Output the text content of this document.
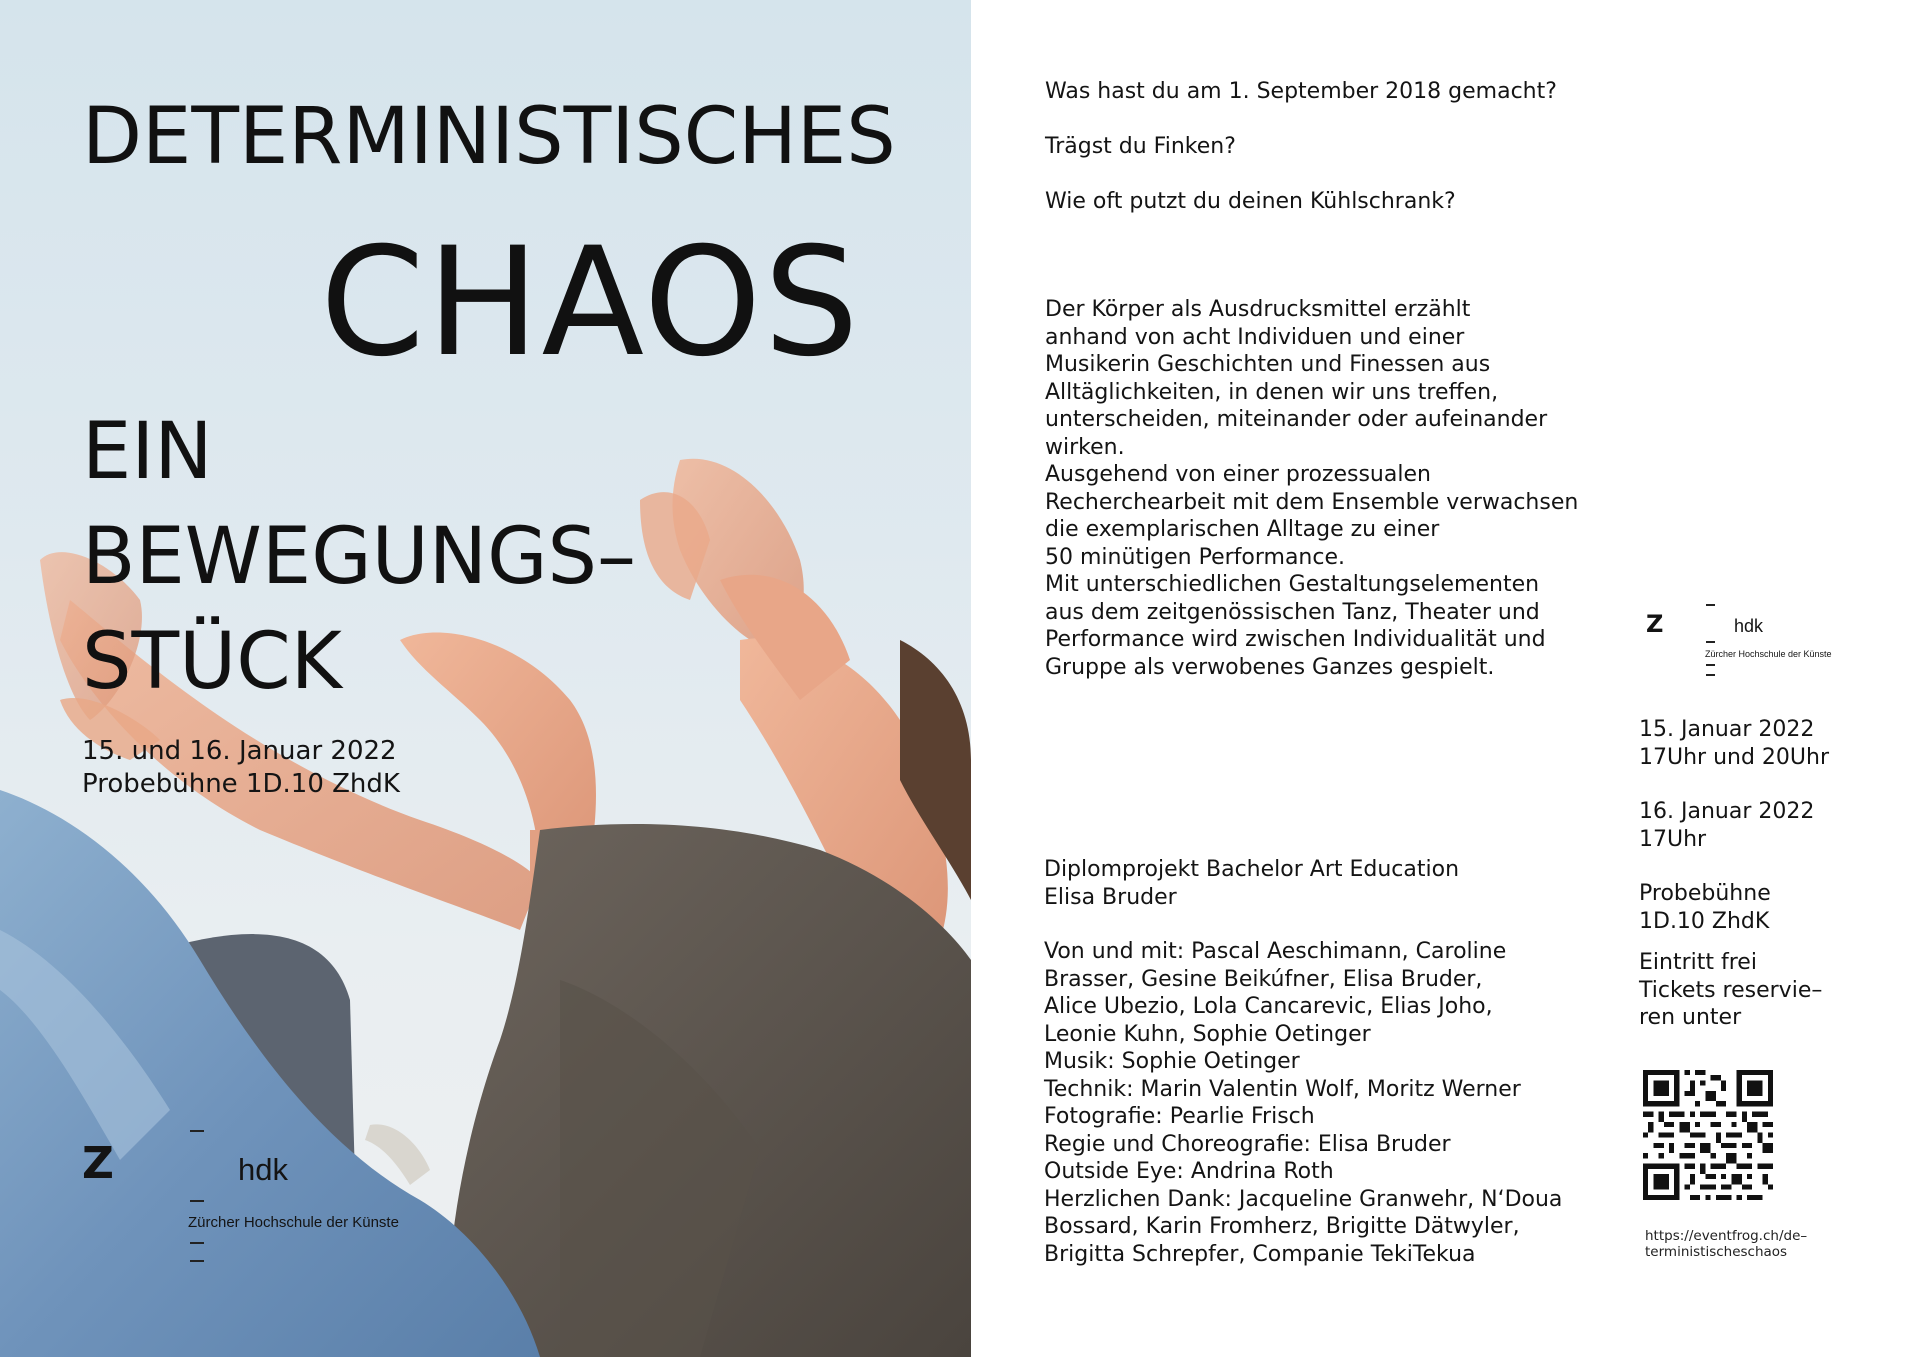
DETERMINISTISCHES
CHAOS
EIN
BEWEGUNGS–
STÜCK
15. und 16. Januar 2022
Probebühne 1D.10 ZhdK
Z	hdk
Zürcher Hochschule der Künste

Was hast du am 1. September 2018 gemacht?

Trägst du Finken?

Wie oft putzt du deinen Kühlschrank?

Der Körper als Ausdrucksmittel erzählt
anhand von acht Individuen und einer
Musikerin Geschichten und Finessen aus
Alltäglichkeiten, in denen wir uns treffen,
unterscheiden, miteinander oder aufeinander
wirken.
Ausgehend von einer prozessualen
Recherchearbeit mit dem Ensemble verwachsen
die exemplarischen Alltage zu einer
50 minütigen Performance.
Mit unterschiedlichen Gestaltungselementen
aus dem zeitgenössischen Tanz, Theater und
Performance wird zwischen Individualität und
Gruppe als verwobenes Ganzes gespielt.
Diplomprojekt Bachelor Art Education
Elisa Bruder
Von und mit: Pascal Aeschimann, Caroline
Brasser, Gesine Beikúfner, Elisa Bruder,
Alice Ubezio, Lola Cancarevic, Elias Joho,
Leonie Kuhn, Sophie Oetinger
Musik: Sophie Oetinger
Technik: Marin Valentin Wolf, Moritz Werner
Fotografie: Pearlie Frisch
Regie und Choreografie: Elisa Bruder
Outside Eye: Andrina Roth
Herzlichen Dank: Jacqueline Granwehr, N‘Doua
Bossard, Karin Fromherz, Brigitte Dätwyler,
Brigitta Schrepfer, Companie TekiTekua
Z	hdk
Zürcher Hochschule der Künste

15. Januar 2022

17Uhr und 20Uhr

16. Januar 2022

17Uhr

Probebühne

1D.10 ZhdK

Eintritt frei

Tickets reservie–

ren unter

https://eventfrog.ch/de–
terministischeschaos
